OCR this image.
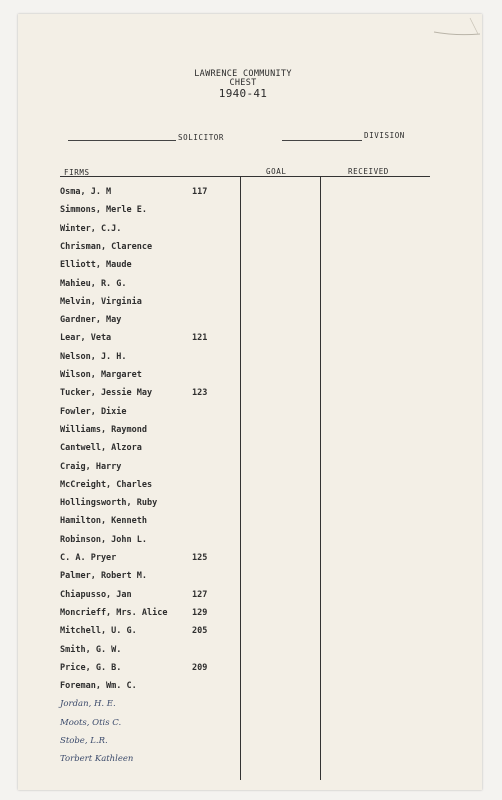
LAWRENCE COMMUNITY
CHEST
1940-41
SOLICITOR	DIVISION
FIRMS	GOAL	RECEIVED
Osma, J. M	117
Simmons, Merle E.
Winter, C.J.
Chrisman, Clarence
Elliott, Maude
Mahieu, R. G.
Melvin, Virginia
Gardner, May
Lear, Veta	121
Nelson, J. H.
Wilson, Margaret
Tucker, Jessie May	123
Fowler, Dixie
Williams, Raymond
Cantwell, Alzora
Craig, Harry
McCreight, Charles
Hollingsworth, Ruby
Hamilton, Kenneth
Robinson, John L.
C. A. Pryer	125
Palmer, Robert M.
Chiapusso, Jan	127
Moncrieff, Mrs. Alice	129
Mitchell, U. G.	205
Smith, G. W.
Price, G. B.	209
Foreman, Wm. C.
Jordan, H. E.
Moots, Otis C.
Stobe, L.R.
Torbert Kathleen
